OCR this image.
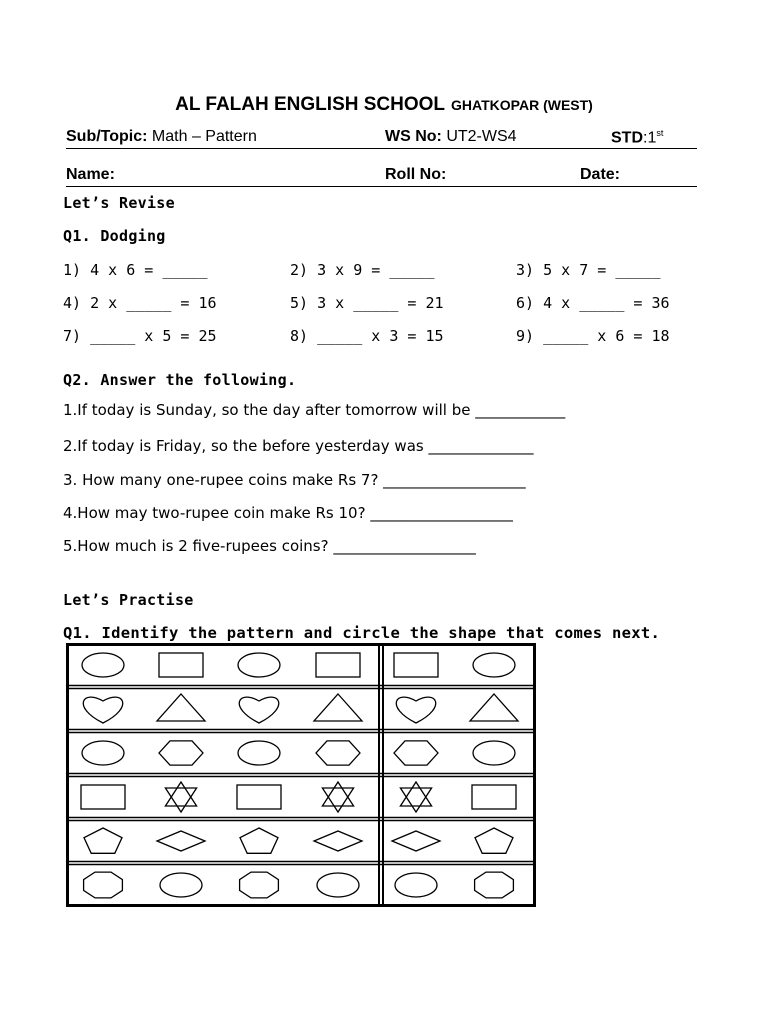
AL FALAH ENGLISH SCHOOL GHATKOPAR (WEST)
Sub/Topic: Math – Pattern	WS No: UT2-WS4	STD:1st
Name:	Roll No:	Date:
Let’s Revise
Q1. Dodging
1) 4 x 6 = _____	2) 3 x 9 = _____	3) 5 x 7 = _____
4) 2 x _____ = 16	5) 3 x _____ = 21	6) 4 x _____ = 36
7) _____ x 5 = 25	8) _____ x 3 = 15	9) _____ x 6 = 18
Q2. Answer the following.
1.If today is Sunday, so the day after tomorrow will be ____________
2.If today is Friday, so the before yesterday was ______________
3. How many one-rupee coins make Rs 7? ___________________
4.How may two-rupee coin make Rs 10? ___________________
5.How much is 2 five-rupees coins? ___________________
Let’s Practise
Q1. Identify the pattern and circle the shape that comes next.
